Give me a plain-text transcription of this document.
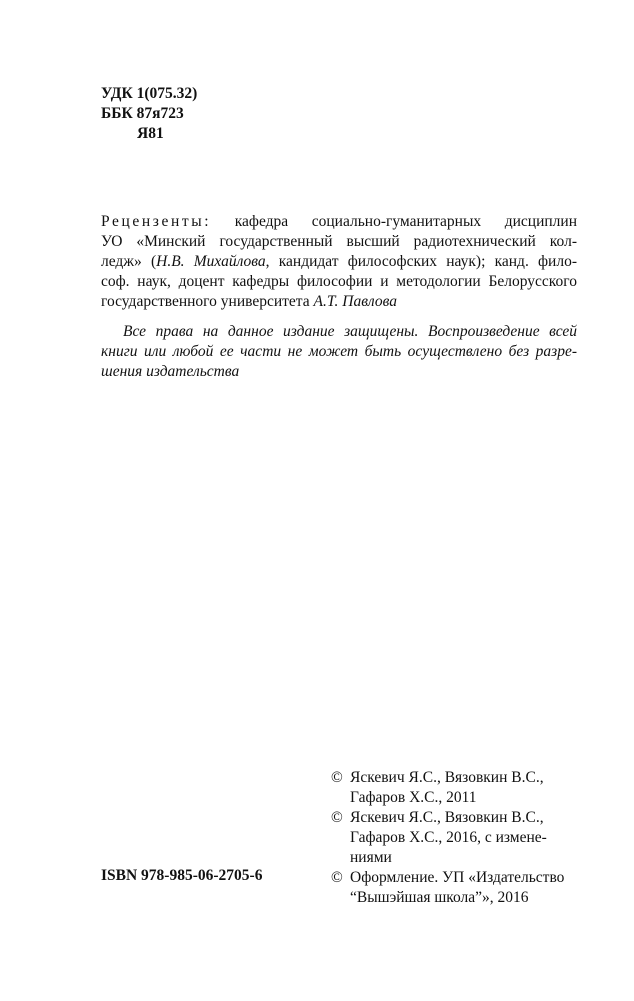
УДК 1(075.32)
ББК 87я723
Я81
Рецензенты: кафедра социально-гуманитарных дисциплин
УО «Минский государственный высший радиотехнический кол-
ледж» (Н.В. Михайлова, кандидат философских наук); канд. фило-
соф. наук, доцент кафедры философии и методологии Белорусского
государственного университета А.Т. Павлова
Все права на данное издание защищены. Воспроизведение всей
книги или любой ее части не может быть осуществлено без разре-
шения издательства
ISBN 978-985-06-2705-6
© Яскевич Я.С., Вязовкин В.С.,
Гафаров Х.С., 2011
© Яскевич Я.С., Вязовкин В.С.,
Гафаров Х.С., 2016, с измене-
ниями
© Оформление. УП «Издательство
“Вышэйшая школа”», 2016
